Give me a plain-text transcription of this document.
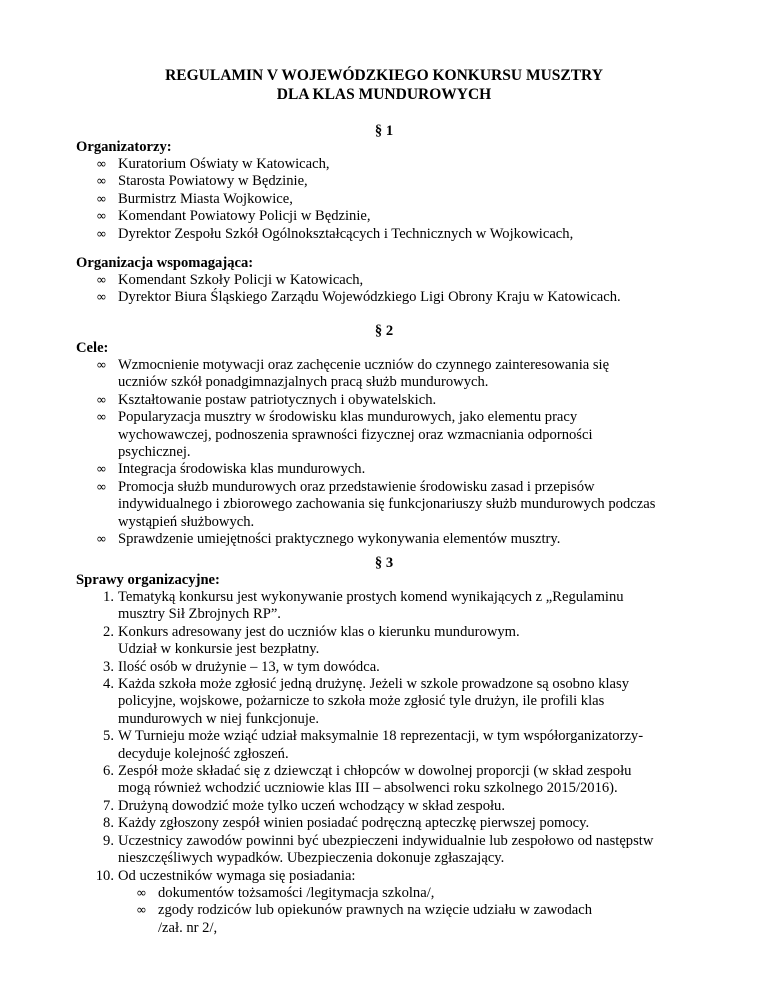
REGULAMIN V WOJEWÓDZKIEGO KONKURSU MUSZTRY
DLA KLAS MUNDUROWYCH
§ 1
Organizatorzy:
∞ Kuratorium Oświaty w Katowicach,
∞ Starosta Powiatowy w Będzinie,
∞ Burmistrz Miasta Wojkowice,
∞ Komendant Powiatowy Policji w Będzinie,
∞ Dyrektor Zespołu Szkół Ogólnokształcących i Technicznych w Wojkowicach,
Organizacja wspomagająca:
∞ Komendant Szkoły Policji w Katowicach,
∞ Dyrektor Biura Śląskiego Zarządu Wojewódzkiego Ligi Obrony Kraju w Katowicach.
§ 2
Cele:
∞ Wzmocnienie motywacji oraz zachęcenie uczniów do czynnego zainteresowania się
uczniów szkół ponadgimnazjalnych pracą służb mundurowych.
∞ Kształtowanie postaw patriotycznych i obywatelskich.
∞ Popularyzacja musztry w środowisku klas mundurowych, jako elementu pracy
wychowawczej, podnoszenia sprawności fizycznej oraz wzmacniania odporności
psychicznej.
∞ Integracja środowiska klas mundurowych.
∞ Promocja służb mundurowych oraz przedstawienie środowisku zasad i przepisów
indywidualnego i zbiorowego zachowania się funkcjonariuszy służb mundurowych podczas
wystąpień służbowych.
∞ Sprawdzenie umiejętności praktycznego wykonywania elementów musztry.
§ 3
Sprawy organizacyjne:
1. Tematyką konkursu jest wykonywanie prostych komend wynikających z „Regulaminu
musztry Sił Zbrojnych RP”.
2. Konkurs adresowany jest do uczniów klas o kierunku mundurowym.
Udział w konkursie jest bezpłatny.
3. Ilość osób w drużynie – 13, w tym dowódca.
4. Każda szkoła może zgłosić jedną drużynę. Jeżeli w szkole prowadzone są osobno klasy
policyjne, wojskowe, pożarnicze to szkoła może zgłosić tyle drużyn, ile profili klas
mundurowych w niej funkcjonuje.
5. W Turnieju może wziąć udział maksymalnie 18 reprezentacji, w tym współorganizatorzy-
decyduje kolejność zgłoszeń.
6. Zespół może składać się z dziewcząt i chłopców w dowolnej proporcji (w skład zespołu
mogą również wchodzić uczniowie klas III – absolwenci roku szkolnego 2015/2016).
7. Drużyną dowodzić może tylko uczeń wchodzący w skład zespołu.
8. Każdy zgłoszony zespół winien posiadać podręczną apteczkę pierwszej pomocy.
9. Uczestnicy zawodów powinni być ubezpieczeni indywidualnie lub zespołowo od następstw
nieszczęśliwych wypadków. Ubezpieczenia dokonuje zgłaszający.
10. Od uczestników wymaga się posiadania:
∞ dokumentów tożsamości /legitymacja szkolna/,
∞ zgody rodziców lub opiekunów prawnych na wzięcie udziału w zawodach
/zał. nr 2/,
